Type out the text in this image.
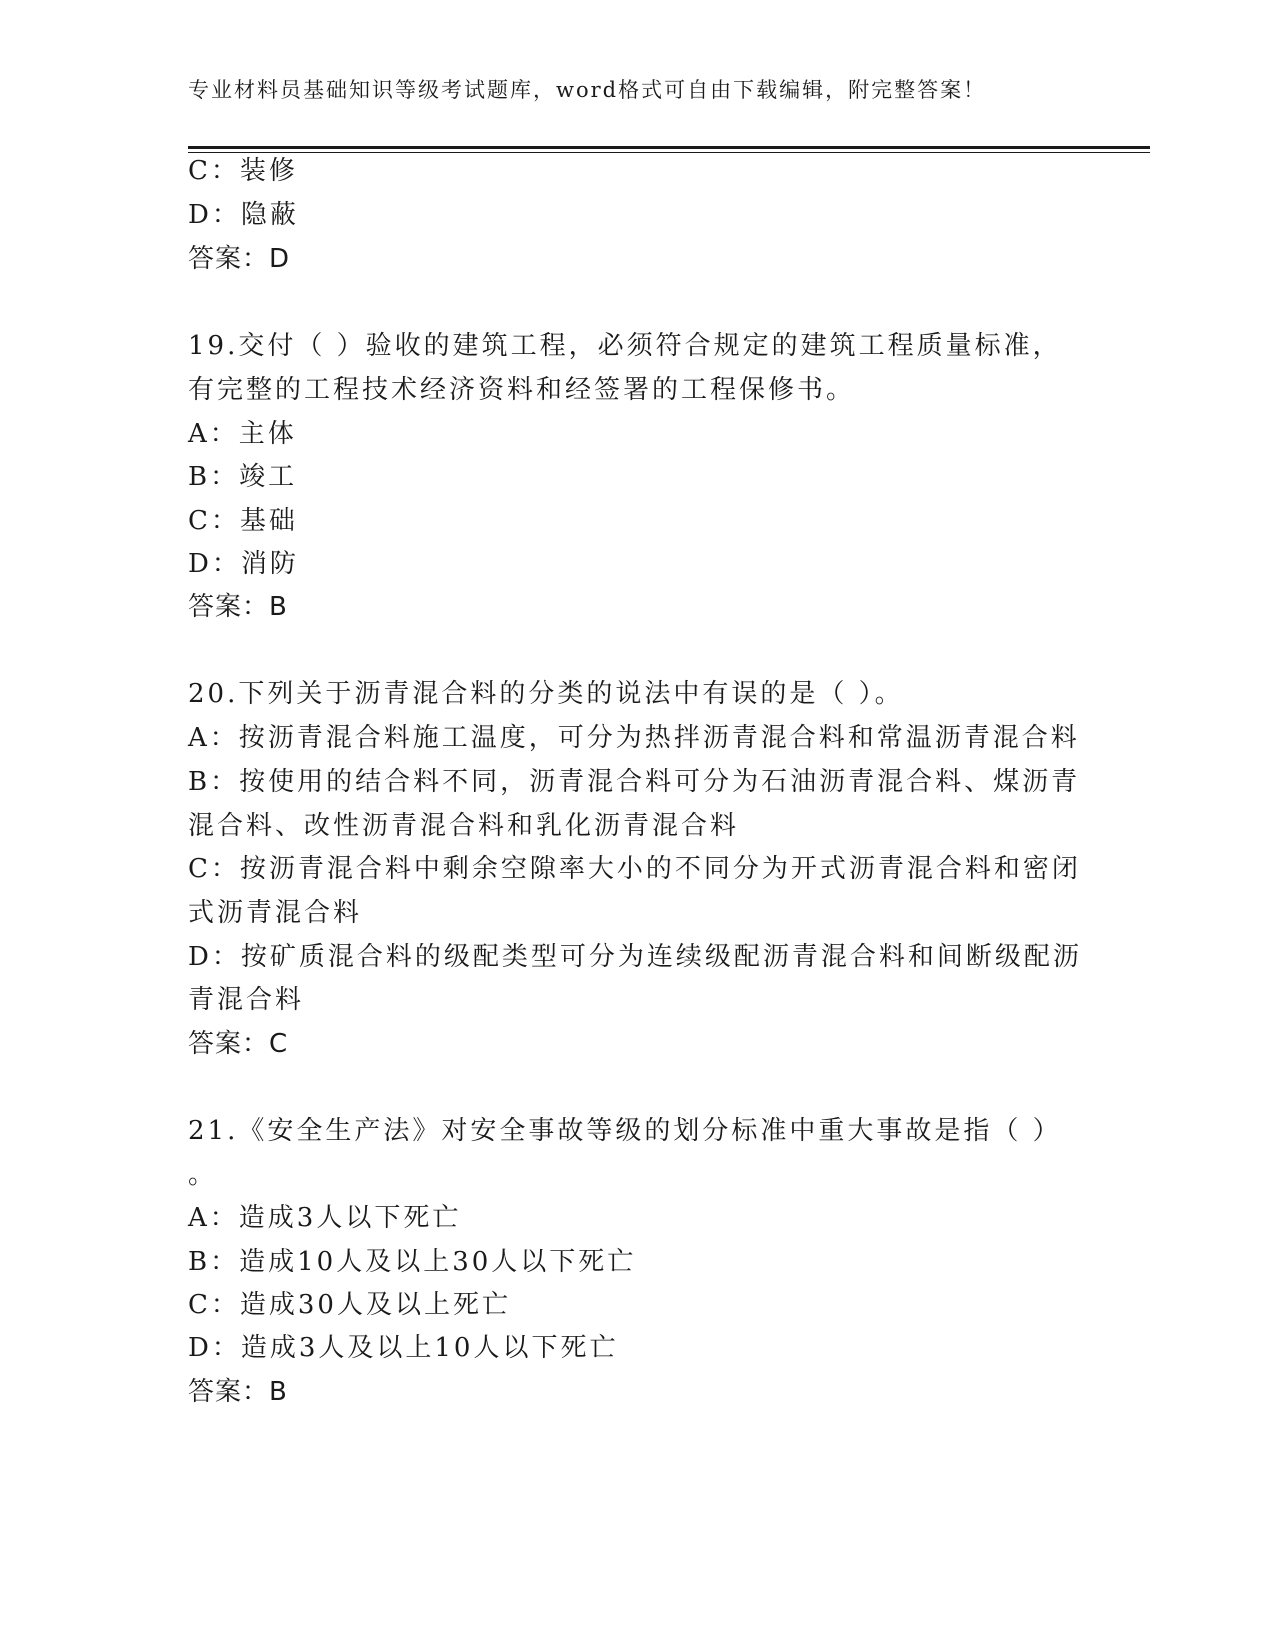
专业材料员基础知识等级考试题库，word格式可自由下载编辑，附完整答案！
C：装修
D：隐蔽
答案：D
19.交付（ ）验收的建筑工程，必须符合规定的建筑工程质量标准，
有完整的工程技术经济资料和经签署的工程保修书。
A：主体
B：竣工
C：基础
D：消防
答案：B
20.下列关于沥青混合料的分类的说法中有误的是（ ）。
A：按沥青混合料施工温度，可分为热拌沥青混合料和常温沥青混合料
B：按使用的结合料不同，沥青混合料可分为石油沥青混合料、煤沥青
混合料、改性沥青混合料和乳化沥青混合料
C：按沥青混合料中剩余空隙率大小的不同分为开式沥青混合料和密闭
式沥青混合料
D：按矿质混合料的级配类型可分为连续级配沥青混合料和间断级配沥
青混合料
答案：C
21.《安全生产法》对安全事故等级的划分标准中重大事故是指（ ）
。
A：造成3人以下死亡
B：造成10人及以上30人以下死亡
C：造成30人及以上死亡
D：造成3人及以上10人以下死亡
答案：B
